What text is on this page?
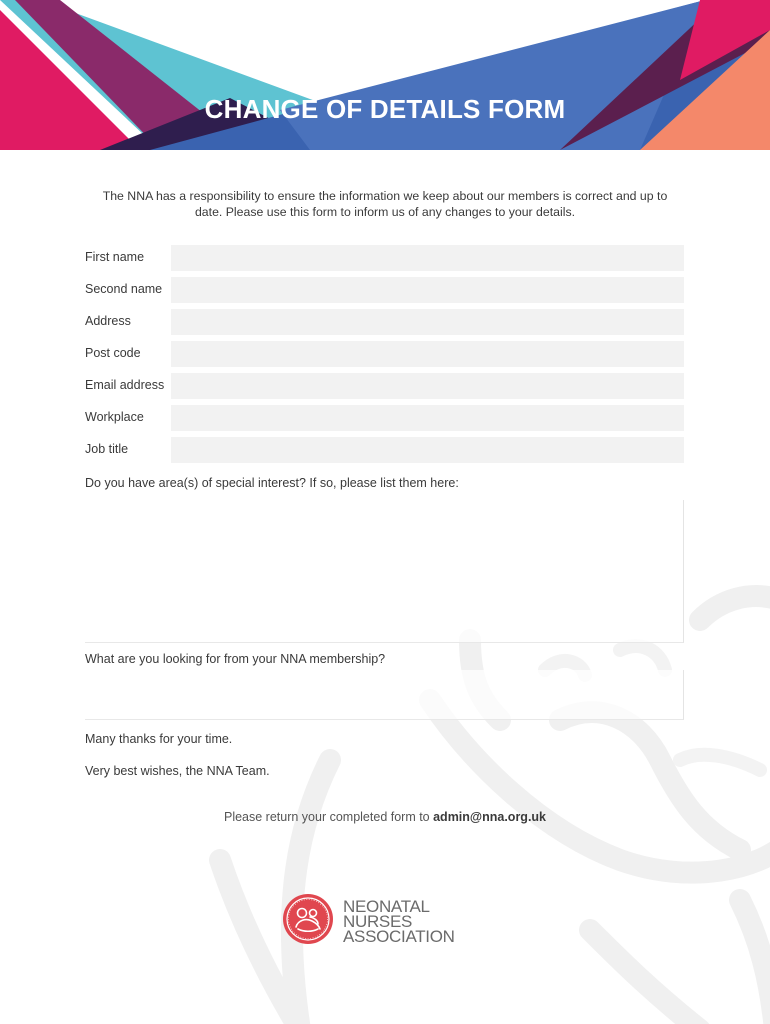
CHANGE OF DETAILS FORM
The NNA has a responsibility to ensure the information we keep about our members is correct and up to date. Please use this form to inform us of any changes to your details.
First name
Second name
Address
Post code
Email address
Workplace
Job title
Do you have area(s) of special interest? If so, please list them here:
What are you looking for from your NNA membership?
Many thanks for your time.
Very best wishes, the NNA Team.
Please return your completed form to admin@nna.org.uk
NEONATAL
NURSES
ASSOCIATION
